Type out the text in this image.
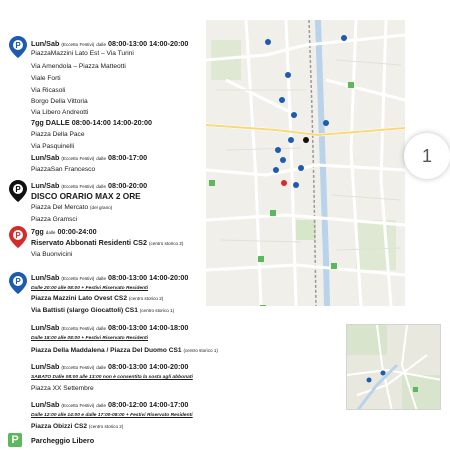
P Lun/Sab (Eccetto Festivi) dalle 08:00-13:00 14:00-20:00
PiazzaMazzini Lato Est – Via Turini
Via Amendola – Piazza Matteotti
Viale Forti
Via Ricasoli
Borgo Della Vittoria
Via Libero Andreotti
7gg DALLE 08:00-14:00 14:00-20:00
Piazza Della Pace
Via Pasquinelli
Lun/Sab (Eccetto Festivi) dalle 08:00-17:00
PiazzaSan Francesco
P Lun/Sab (Eccetto Festivi) dalle 08:00-20:00
DISCO ORARIO MAX 2 ORE
Piazza Del Mercato (del grano)
Piazza Gramsci
P 7gg dalle 00:00-24:00
Riservato Abbonati Residenti CS2 (centro storico 2)
Via Buonvicini
P Lun/Sab (Eccetto Festivi) dalle 08:00-13:00 14:00-20:00
Dalle 20:00 alle 08:00 + Festivi Riservato Residenti
Piazza Mazzini Lato Ovest CS2 (centro storico 2)
Via Battisti (slargo Giocattoli) CS1 (centro storico 1)
Lun/Sab (Eccetto Festivi) dalle 08:00-13:00 14:00-18:00
Dalle 18:00 alle 08:00 + Festivi Riservato Residenti
Piazza Della Maddalena / Piazza Del Duomo CS1 (centro storico 1)
Lun/Sab (Eccetto Festivi) dalle 08:00-13:00 14:00-20:00
SABATO Dalle 08:00 alle 13:00 non è consentita la sosta agli abbonati
Piazza XX Settembre
Lun/Sab (Eccetto Festivi) dalle 08:00-12:00 14:00-17:00
Dalle 12:00 alle 14:00 e dalle 17:00-08:00 + Festivi Riservato Residenti
Piazza Obizzi CS2 (centro storico 2)
P	Parcheggio Libero
1
